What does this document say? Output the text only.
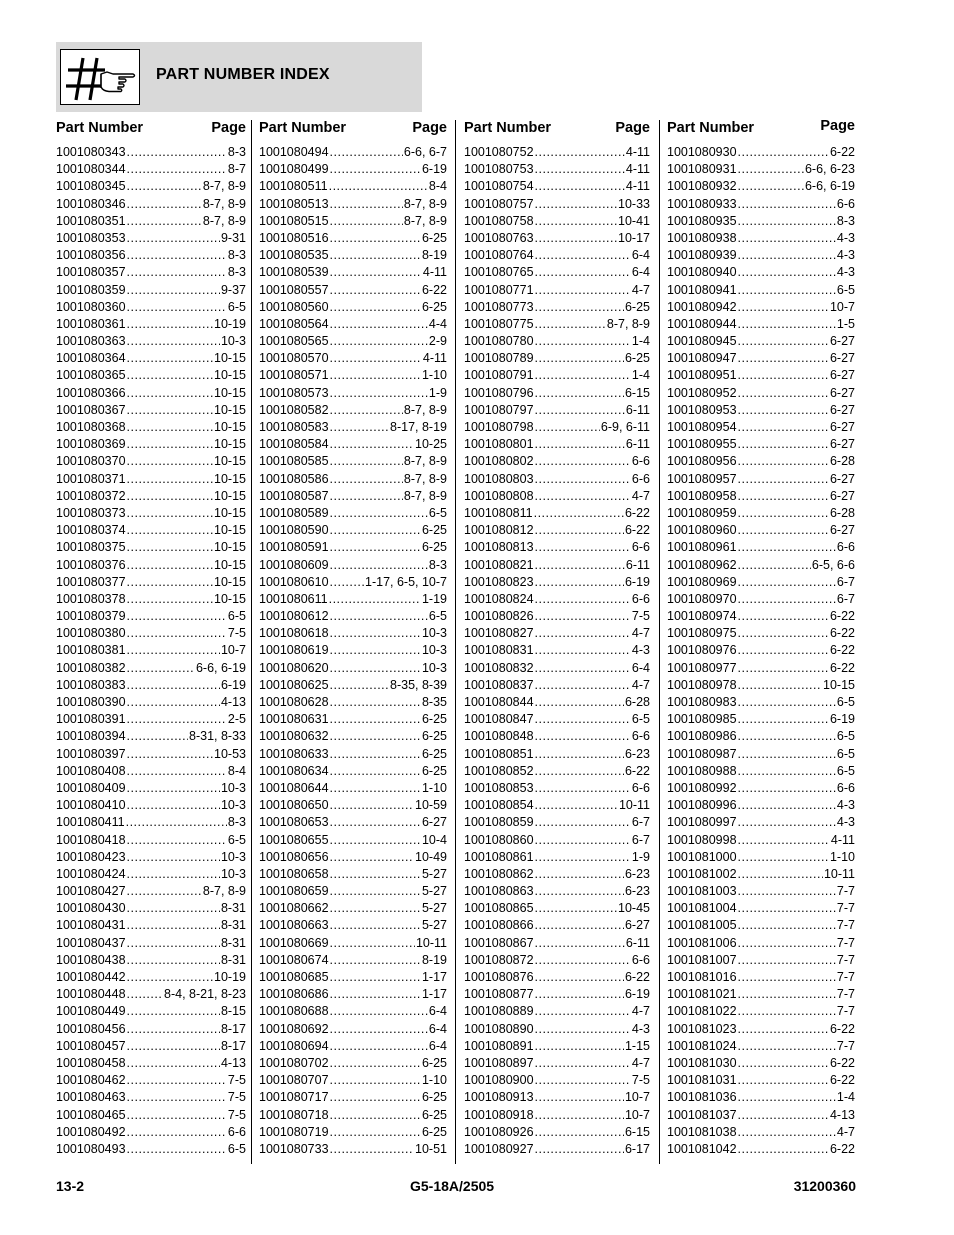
PART NUMBER INDEX
Part Number	Page
1001080343 .....	8-3
1001080344 .....	8-7
1001080345 .....	8-7, 8-9
1001080346 .....	8-7, 8-9
1001080351 .....	8-7, 8-9
1001080353 .....	9-31
1001080356 .....	8-3
1001080357 .....	8-3
1001080359 .....	9-37
1001080360 .....	6-5
1001080361 .....	10-19
1001080363 .....	10-3
1001080364 .....	10-15
1001080365 .....	10-15
1001080366 .....	10-15
1001080367 .....	10-15
1001080368 .....	10-15
1001080369 .....	10-15
1001080370 .....	10-15
1001080371 .....	10-15
1001080372 .....	10-15
1001080373 .....	10-15
1001080374 .....	10-15
1001080375 .....	10-15
1001080376 .....	10-15
1001080377 .....	10-15
1001080378 .....	10-15
1001080379 .....	6-5
1001080380 .....	7-5
1001080381 .....	10-7
1001080382 .....	6-6, 6-19
1001080383 .....	6-19
1001080390 .....	4-13
1001080391 .....	2-5
1001080394 .....	8-31, 8-33
1001080397 .....	10-53
1001080408 .....	8-4
1001080409 .....	10-3
1001080410 .....	10-3
1001080411 .....	8-3
1001080418 .....	6-5
1001080423 .....	10-3
1001080424 .....	10-3
1001080427 .....	8-7, 8-9
1001080430 .....	8-31
1001080431 .....	8-31
1001080437 .....	8-31
1001080438 .....	8-31
1001080442 .....	10-19
1001080448 .....	8-4, 8-21, 8-23
1001080449 .....	8-15
1001080456 .....	8-17
1001080457 .....	8-17
1001080458 .....	4-13
1001080462 .....	7-5
1001080463 .....	7-5
1001080465 .....	7-5
1001080492 .....	6-6
1001080493 .....	6-5
Part Number	Page
1001080494 .....	6-6, 6-7
1001080499 .....	6-19
1001080511 .....	8-4
1001080513 .....	8-7, 8-9
1001080515 .....	8-7, 8-9
1001080516 .....	6-25
1001080535 .....	8-19
1001080539 .....	4-11
1001080557 .....	6-22
1001080560 .....	6-25
1001080564 .....	4-4
1001080565 .....	2-9
1001080570 .....	4-11
1001080571 .....	1-10
1001080573 .....	1-9
1001080582 .....	8-7, 8-9
1001080583 .....	8-17, 8-19
1001080584 .....	10-25
1001080585 .....	8-7, 8-9
1001080586 .....	8-7, 8-9
1001080587 .....	8-7, 8-9
1001080589 .....	6-5
1001080590 .....	6-25
1001080591 .....	6-25
1001080609 .....	8-3
1001080610 .....	1-17, 6-5, 10-7
1001080611 .....	1-19
1001080612 .....	6-5
1001080618 .....	10-3
1001080619 .....	10-3
1001080620 .....	10-3
1001080625 .....	8-35, 8-39
1001080628 .....	8-35
1001080631 .....	6-25
1001080632 .....	6-25
1001080633 .....	6-25
1001080634 .....	6-25
1001080644 .....	1-10
1001080650 .....	10-59
1001080653 .....	6-27
1001080655 .....	10-4
1001080656 .....	10-49
1001080658 .....	5-27
1001080659 .....	5-27
1001080662 .....	5-27
1001080663 .....	5-27
1001080669 .....	10-11
1001080674 .....	8-19
1001080685 .....	1-17
1001080686 .....	1-17
1001080688 .....	6-4
1001080692 .....	6-4
1001080694 .....	6-4
1001080702 .....	6-25
1001080707 .....	1-10
1001080717 .....	6-25
1001080718 .....	6-25
1001080719 .....	6-25
1001080733 .....	10-51
Part Number	Page
1001080752 .....	4-11
1001080753 .....	4-11
1001080754 .....	4-11
1001080757 .....	10-33
1001080758 .....	10-41
1001080763 .....	10-17
1001080764 .....	6-4
1001080765 .....	6-4
1001080771 .....	4-7
1001080773 .....	6-25
1001080775 .....	8-7, 8-9
1001080780 .....	1-4
1001080789 .....	6-25
1001080791 .....	1-4
1001080796 .....	6-15
1001080797 .....	6-11
1001080798 .....	6-9, 6-11
1001080801 .....	6-11
1001080802 .....	6-6
1001080803 .....	6-6
1001080808 .....	4-7
1001080811 .....	6-22
1001080812 .....	6-22
1001080813 .....	6-6
1001080821 .....	6-11
1001080823 .....	6-19
1001080824 .....	6-6
1001080826 .....	7-5
1001080827 .....	4-7
1001080831 .....	4-3
1001080832 .....	6-4
1001080837 .....	4-7
1001080844 .....	6-28
1001080847 .....	6-5
1001080848 .....	6-6
1001080851 .....	6-23
1001080852 .....	6-22
1001080853 .....	6-6
1001080854 .....	10-11
1001080859 .....	6-7
1001080860 .....	6-7
1001080861 .....	1-9
1001080862 .....	6-23
1001080863 .....	6-23
1001080865 .....	10-45
1001080866 .....	6-27
1001080867 .....	6-11
1001080872 .....	6-6
1001080876 .....	6-22
1001080877 .....	6-19
1001080889 .....	4-7
1001080890 .....	4-3
1001080891 .....	1-15
1001080897 .....	4-7
1001080900 .....	7-5
1001080913 .....	10-7
1001080918 .....	10-7
1001080926 .....	6-15
1001080927 .....	6-17
Part Number	Page
1001080930 .....	6-22
1001080931 .....	6-6, 6-23
1001080932 .....	6-6, 6-19
1001080933 .....	6-6
1001080935 .....	8-3
1001080938 .....	4-3
1001080939 .....	4-3
1001080940 .....	4-3
1001080941 .....	6-5
1001080942 .....	10-7
1001080944 .....	1-5
1001080945 .....	6-27
1001080947 .....	6-27
1001080951 .....	6-27
1001080952 .....	6-27
1001080953 .....	6-27
1001080954 .....	6-27
1001080955 .....	6-27
1001080956 .....	6-28
1001080957 .....	6-27
1001080958 .....	6-27
1001080959 .....	6-28
1001080960 .....	6-27
1001080961 .....	6-6
1001080962 .....	6-5, 6-6
1001080969 .....	6-7
1001080970 .....	6-7
1001080974 .....	6-22
1001080975 .....	6-22
1001080976 .....	6-22
1001080977 .....	6-22
1001080978 .....	10-15
1001080983 .....	6-5
1001080985 .....	6-19
1001080986 .....	6-5
1001080987 .....	6-5
1001080988 .....	6-5
1001080992 .....	6-6
1001080996 .....	4-3
1001080997 .....	4-3
1001080998 .....	4-11
1001081000 .....	1-10
1001081002 .....	10-11
1001081003 .....	7-7
1001081004 .....	7-7
1001081005 .....	7-7
1001081006 .....	7-7
1001081007 .....	7-7
1001081016 .....	7-7
1001081021 .....	7-7
1001081022 .....	7-7
1001081023 .....	6-22
1001081024 .....	7-7
1001081030 .....	6-22
1001081031 .....	6-22
1001081036 .....	1-4
1001081037 .....	4-13
1001081038 .....	4-7
1001081042 .....	6-22
13-2	G5-18A/2505	31200360
